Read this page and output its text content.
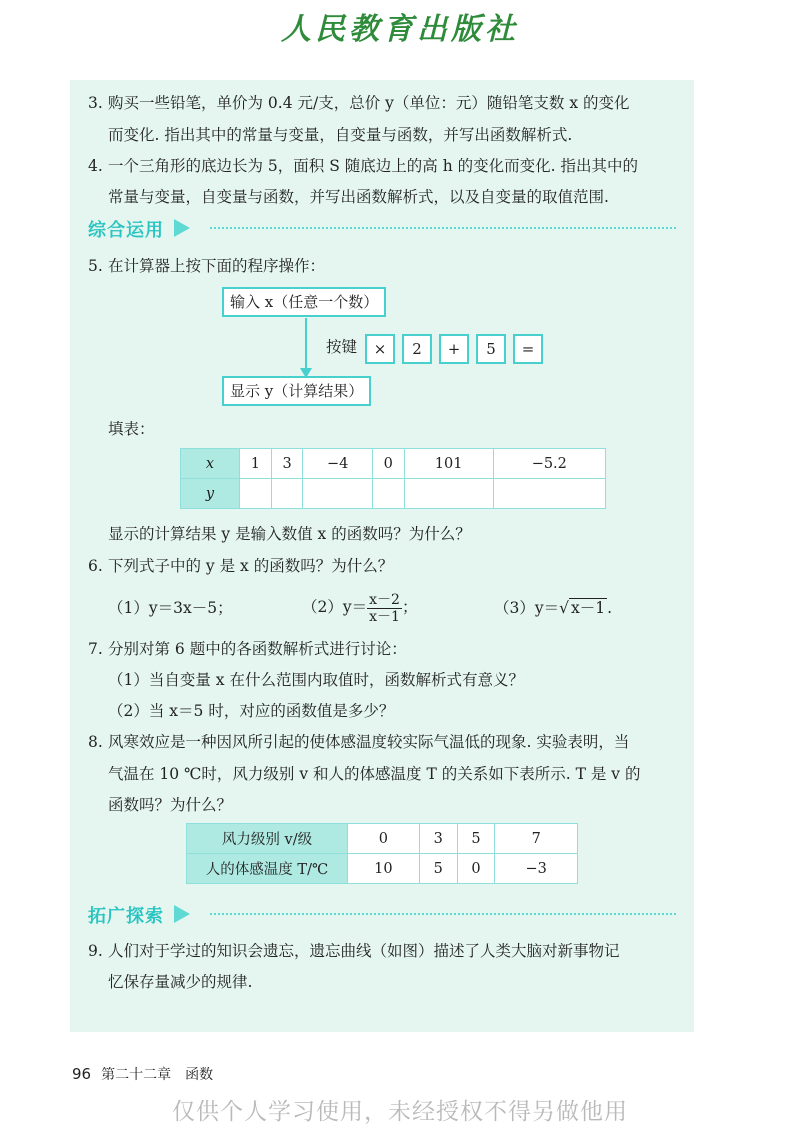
人民教育出版社
3. 购买一些铅笔，单价为 0.4 元/支，总价 y（单位：元）随铅笔支数 x 的变化
而变化. 指出其中的常量与变量，自变量与函数，并写出函数解析式.
4. 一个三角形的底边长为 5，面积 S 随底边上的高 h 的变化而变化. 指出其中的
常量与变量，自变量与函数，并写出函数解析式，以及自变量的取值范围.
综合运用
5. 在计算器上按下面的程序操作：
输入 x（任意一个数）
按键	×	2	+	5	=
显示 y（计算结果）
填表：
x	1	3	−4	0	101	−5.2
y						
显示的计算结果 y 是输入数值 x 的函数吗？为什么？
6. 下列式子中的 y 是 x 的函数吗？为什么？
（1）y＝3x－5；	$(2)y= \frac{x-2}{x-1}$ ；	（3）y＝√ x－1 .
7. 分别对第 6 题中的各函数解析式进行讨论：
（1）当自变量 x 在什么范围内取值时，函数解析式有意义？
（2）当 x＝5 时，对应的函数值是多少？
8. 风寒效应是一种因风所引起的使体感温度较实际气温低的现象. 实验表明，当
气温在 10 ℃时，风力级别 v 和人的体感温度 T 的关系如下表所示. T 是 v 的
函数吗？为什么？
风力级别 v/级	0	3	5	7
人的体感温度 T/℃	10	5	0	−3
拓广探索
9. 人们对于学过的知识会遗忘，遗忘曲线（如图）描述了人类大脑对新事物记
忆保存量减少的规律.
96 第二十二章　函数
仅供个人学习使用，未经授权不得另做他用
